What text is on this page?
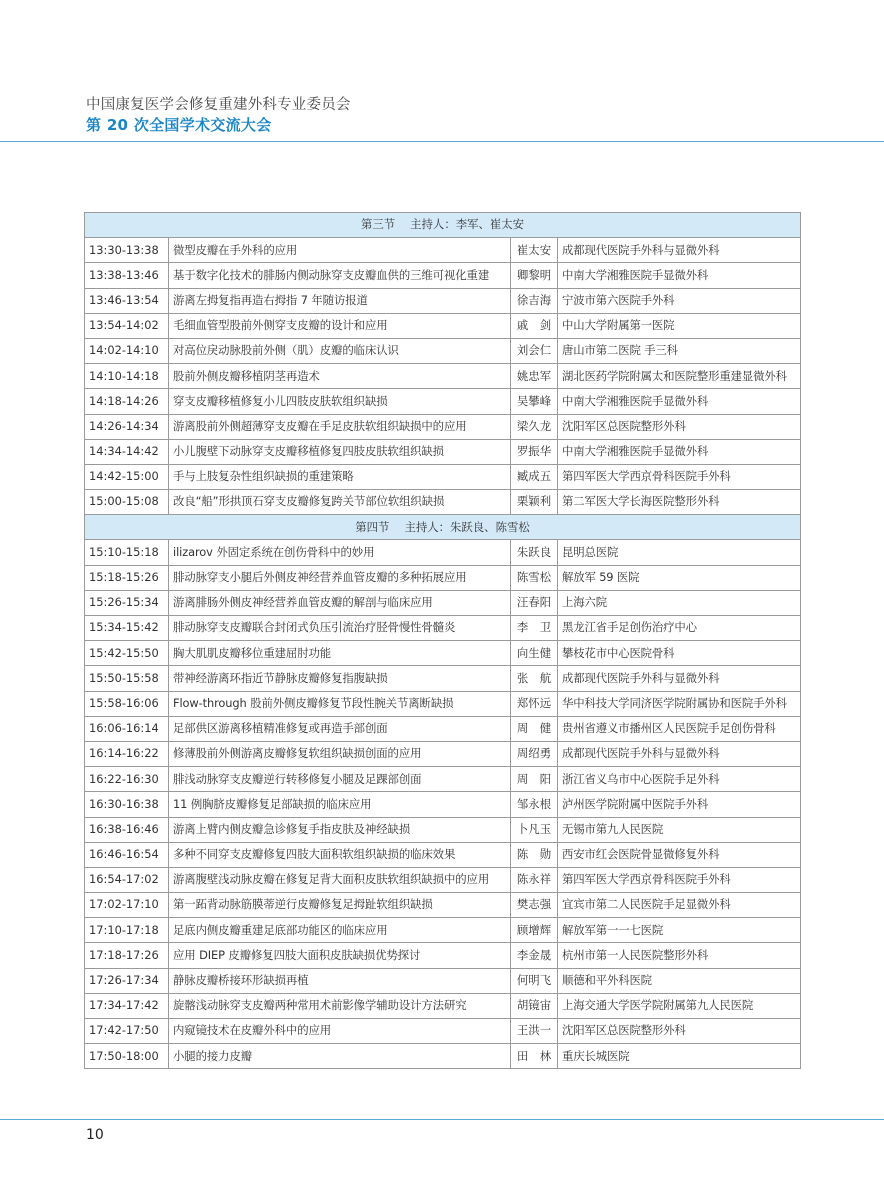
中国康复医学会修复重建外科专业委员会
第 20 次全国学术交流大会
第三节　 主持人：李军、崔太安			
13:30-13:38	微型皮瓣在手外科的应用	崔太安	成都现代医院手外科与显微外科
13:38-13:46	基于数字化技术的腓肠内侧动脉穿支皮瓣血供的三维可视化重建	卿黎明	中南大学湘雅医院手显微外科
13:46-13:54	游离左拇复指再造右拇指 7 年随访报道	徐吉海	宁波市第六医院手外科
13:54-14:02	毛细血管型股前外侧穿支皮瓣的设计和应用	戚　剑	中山大学附属第一医院
14:02-14:10	对高位戾动脉股前外侧（肌）皮瓣的临床认识	刘会仁	唐山市第二医院 手三科
14:10-14:18	股前外侧皮瓣移植阴茎再造术	姚忠军	湖北医药学院附属太和医院整形重建显微外科
14:18-14:26	穿支皮瓣移植修复小儿四肢皮肤软组织缺损	吴攀峰	中南大学湘雅医院手显微外科
14:26-14:34	游离股前外侧超薄穿支皮瓣在手足皮肤软组织缺损中的应用	梁久龙	沈阳军区总医院整形外科
14:34-14:42	小儿腹壁下动脉穿支皮瓣移植修复四肢皮肤软组织缺损	罗振华	中南大学湘雅医院手显微外科
14:42-15:00	手与上肢复杂性组织缺损的重建策略	臧成五	第四军医大学西京骨科医院手外科
15:00-15:08	改良“船”形拱顶石穿支皮瓣修复跨关节部位软组织缺损	栗颖利	第二军医大学长海医院整形外科
第四节　 主持人：朱跃良、陈雪松			
15:10-15:18	ilizarov 外固定系统在创伤骨科中的妙用	朱跃良	昆明总医院
15:18-15:26	腓动脉穿支小腿后外侧皮神经营养血管皮瓣的多种拓展应用	陈雪松	解放军 59 医院
15:26-15:34	游离腓肠外侧皮神经营养血管皮瓣的解剖与临床应用	汪春阳	上海六院
15:34-15:42	腓动脉穿支皮瓣联合封闭式负压引流治疗胫骨慢性骨髓炎	李　卫	黑龙江省手足创伤治疗中心
15:42-15:50	胸大肌肌皮瓣移位重建屈肘功能	向生健	攀枝花市中心医院骨科
15:50-15:58	带神经游离环指近节静脉皮瓣修复指腹缺损	张　航	成都现代医院手外科与显微外科
15:58-16:06	Flow-through 股前外侧皮瓣修复节段性腕关节离断缺损	郑怀远	华中科技大学同济医学院附属协和医院手外科
16:06-16:14	足部供区游离移植精准修复或再造手部创面	周　健	贵州省遵义市播州区人民医院手足创伤骨科
16:14-16:22	修薄股前外侧游离皮瓣修复软组织缺损创面的应用	周绍勇	成都现代医院手外科与显微外科
16:22-16:30	腓浅动脉穿支皮瓣逆行转移修复小腿及足踝部创面	周　阳	浙江省义乌市中心医院手足外科
16:30-16:38	11 例胸脐皮瓣修复足部缺损的临床应用	邹永根	泸州医学院附属中医院手外科
16:38-16:46	游离上臂内侧皮瓣急诊修复手指皮肤及神经缺损	卜凡玉	无锡市第九人民医院
16:46-16:54	多种不同穿支皮瓣修复四肢大面积软组织缺损的临床效果	陈　勋	西安市红会医院骨显微修复外科
16:54-17:02	游离腹壁浅动脉皮瓣在修复足背大面积皮肤软组织缺损中的应用	陈永祥	第四军医大学西京骨科医院手外科
17:02-17:10	第一跖背动脉筋膜蒂逆行皮瓣修复足拇趾软组织缺损	樊志强	宜宾市第二人民医院手足显微外科
17:10-17:18	足底内侧皮瓣重建足底部功能区的临床应用	顾增辉	解放军第一一七医院
17:18-17:26	应用 DIEP 皮瓣修复四肢大面积皮肤缺损优势探讨	李金晟	杭州市第一人民医院整形外科
17:26-17:34	静脉皮瓣桥接环形缺损再植	何明飞	顺德和平外科医院
17:34-17:42	旋髂浅动脉穿支皮瓣两种常用术前影像学辅助设计方法研究	胡镜宙	上海交通大学医学院附属第九人民医院
17:42-17:50	内窥镜技术在皮瓣外科中的应用	王洪一	沈阳军区总医院整形外科
17:50-18:00	小腿的接力皮瓣	田　林	重庆长城医院
10
